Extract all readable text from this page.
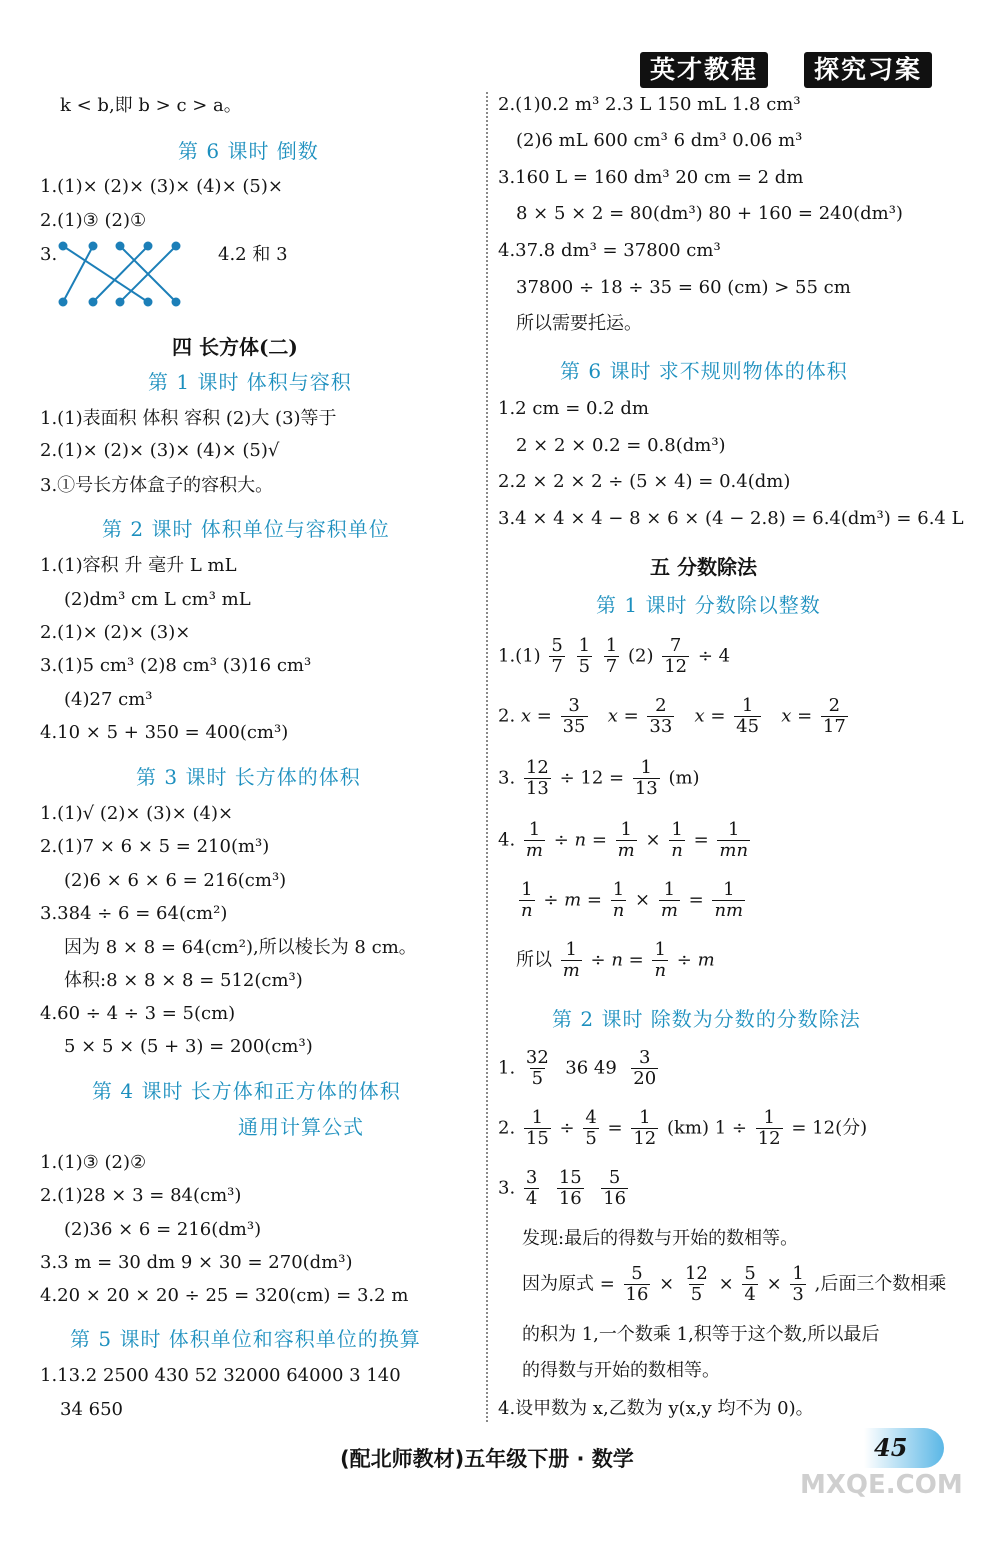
英才教程	探究习案
k < b,即 b > c > a。
第 6 课时 倒数
1.(1)× (2)× (3)× (4)× (5)×
2.(1)③ (2)①
3.	4.2 和 3
四 长方体(二)
第 1 课时 体积与容积
1.(1)表面积 体积 容积 (2)大 (3)等于
2.(1)× (2)× (3)× (4)× (5)√
3.①号长方体盒子的容积大。
第 2 课时 体积单位与容积单位
1.(1)容积 升 毫升 L mL
(2)dm³ cm L cm³ mL
2.(1)× (2)× (3)×
3.(1)5 cm³ (2)8 cm³ (3)16 cm³
(4)27 cm³
4.10 × 5 + 350 = 400(cm³)
第 3 课时 长方体的体积
1.(1)√ (2)× (3)× (4)×
2.(1)7 × 6 × 5 = 210(m³)
(2)6 × 6 × 6 = 216(cm³)
3.384 ÷ 6 = 64(cm²)
因为 8 × 8 = 64(cm²),所以棱长为 8 cm。
体积:8 × 8 × 8 = 512(cm³)
4.60 ÷ 4 ÷ 3 = 5(cm)
5 × 5 × (5 + 3) = 200(cm³)
第 4 课时 长方体和正方体的体积
通用计算公式
1.(1)③ (2)②
2.(1)28 × 3 = 84(cm³)
(2)36 × 6 = 216(dm³)
3.3 m = 30 dm 9 × 30 = 270(dm³)
4.20 × 20 × 20 ÷ 25 = 320(cm) = 3.2 m
第 5 课时 体积单位和容积单位的换算
1.13.2 2500 430 52 32000 64000 3 140
34 650
2.(1)0.2 m³ 2.3 L 150 mL 1.8 cm³
(2)6 mL 600 cm³ 6 dm³ 0.06 m³
3.160 L = 160 dm³ 20 cm = 2 dm
8 × 5 × 2 = 80(dm³) 80 + 160 = 240(dm³)
4.37.8 dm³ = 37800 cm³
37800 ÷ 18 ÷ 35 = 60 (cm) > 55 cm
所以需要托运。
第 6 课时 求不规则物体的体积
1.2 cm = 0.2 dm
2 × 2 × 0.2 = 0.8(dm³)
2.2 × 2 × 2 ÷ (5 × 4) = 0.4(dm)
3.4 × 4 × 4 − 8 × 6 × (4 − 2.8) = 6.4(dm³) = 6.4 L
五 分数除法
第 1 课时 分数除以整数
$1.(1) \frac{5}{7}$
$\frac{1}{5}$
$\frac{1}{7} (2) \frac{7}{12} \div 4$
2. $x = \frac{3}{35}$ $x = \frac{2}{33}$ $x = \frac{1}{45}$ $x = \frac{2}{17}$
3. $\frac{12}{13} \div 12 = \frac{1}{13} (m)$
4. $\frac{1}{m} \div n = \frac{1}{m} \times \frac{1}{n} = \frac{1}{mn}$
$\frac{1}{n} \div m = \frac{1}{n} \times \frac{1}{m} = \frac{1}{nm}$
所以 $\frac{1}{m} \div n = \frac{1}{n} \div m$
第 2 课时 除数为分数的分数除法
1. $\frac{32}{5} 36$ $49 \frac{3}{20}$
2. $\frac{1}{15} \div \frac{4}{5} = \frac{1}{12} (km) 1 \div \frac{1}{12} = 12$(分)
3. $\frac{3}{4}$
$\frac{15}{16}$
$\frac{5}{16}$
发现:最后的得数与开始的数相等。
因为原式 = $\frac{5}{16} \times \frac{12}{5} \times \frac{5}{4} \times \frac{1}{3}$ ,后面三个数相乘
的积为 1,一个数乘 1,积等于这个数,所以最后
的得数与开始的数相等。
4.设甲数为 x,乙数为 y(x,y 均不为 0)。
(配北师教材)五年级下册 · 数学	45
MXQE.COM
